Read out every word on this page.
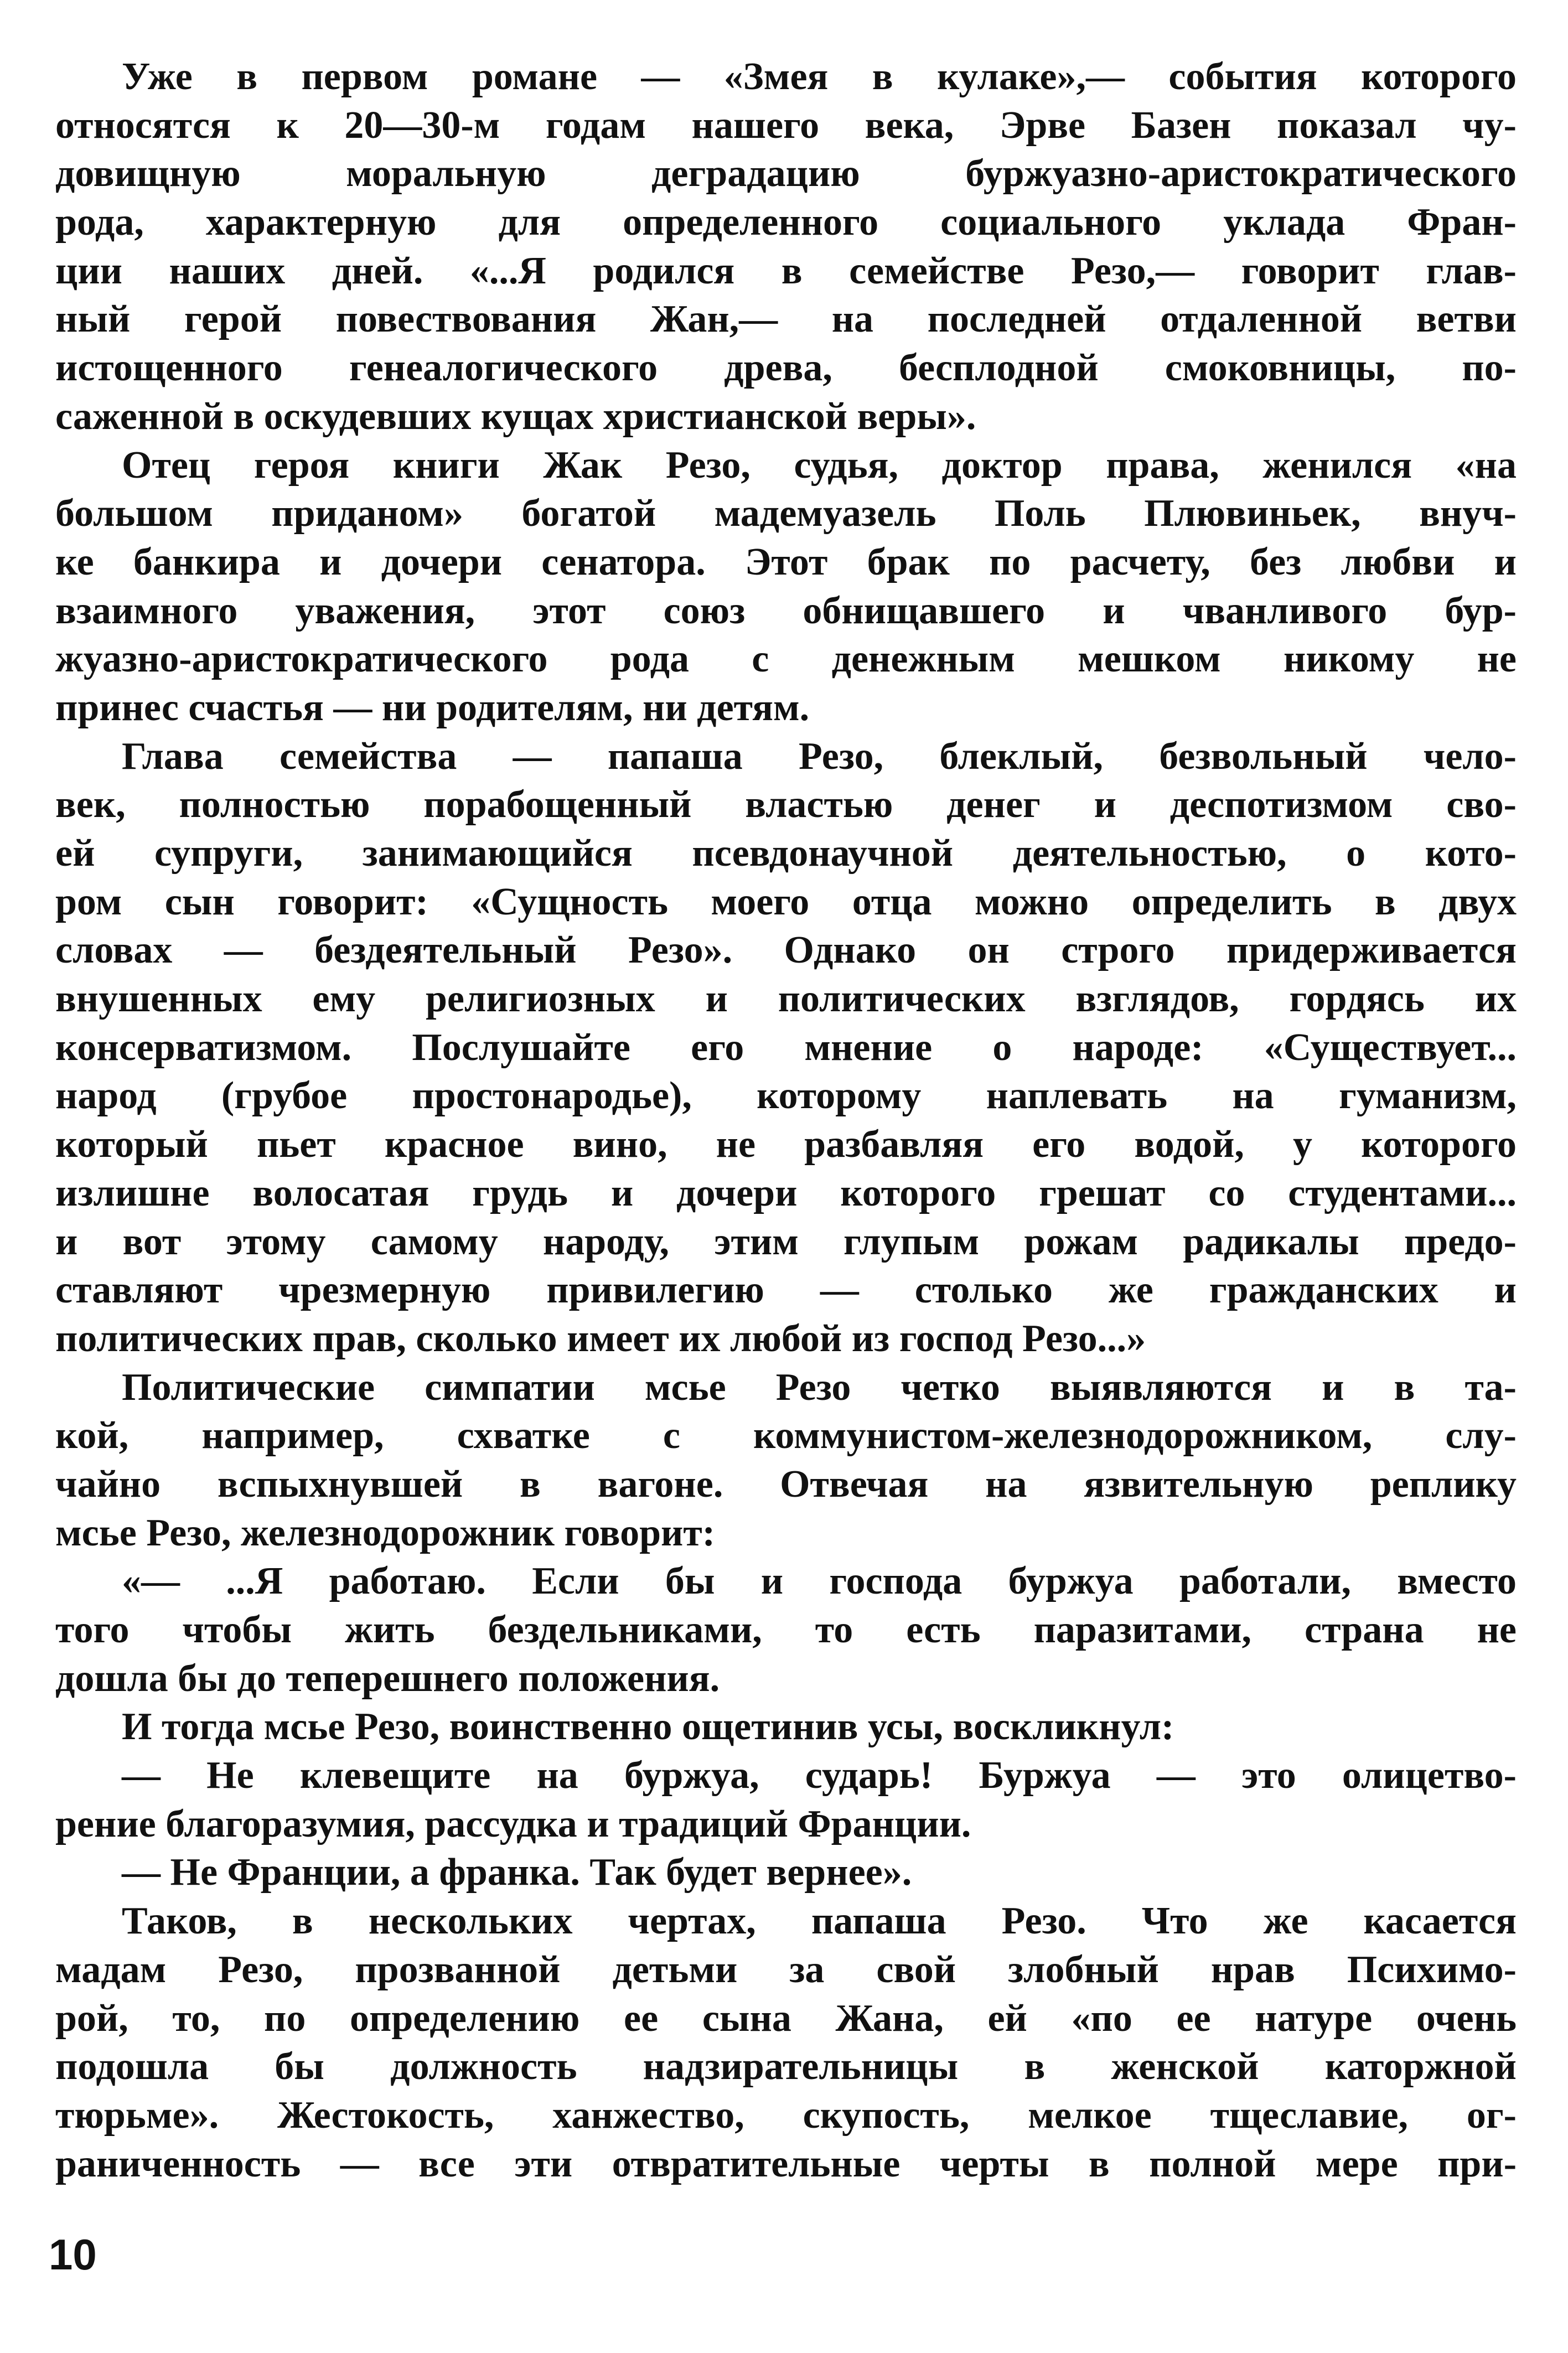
Уже в первом романе — «Змея в кулаке»,— события которого
относятся к 20—30-м годам нашего века, Эрве Базен показал чу-
довищную моральную деградацию буржуазно-аристократического
рода, характерную для определенного социального уклада Фран-
ции наших дней. «...Я родился в семействе Резо,— говорит глав-
ный герой повествования Жан,— на последней отдаленной ветви
истощенного генеалогического древа, бесплодной смоковницы, по-
саженной в оскудевших кущах христианской веры».
Отец героя книги Жак Резо, судья, доктор права, женился «на
большом приданом» богатой мадемуазель Поль Плювиньек, внуч-
ке банкира и дочери сенатора. Этот брак по расчету, без любви и
взаимного уважения, этот союз обнищавшего и чванливого бур-
жуазно-аристократического рода с денежным мешком никому не
принес счастья — ни родителям, ни детям.
Глава семейства — папаша Резо, блеклый, безвольный чело-
век, полностью порабощенный властью денег и деспотизмом сво-
ей супруги, занимающийся псевдонаучной деятельностью, о кото-
ром сын говорит: «Сущность моего отца можно определить в двух
словах — бездеятельный Резо». Однако он строго придерживается
внушенных ему религиозных и политических взглядов, гордясь их
консерватизмом. Послушайте его мнение о народе: «Существует...
народ (грубое простонародье), которому наплевать на гуманизм,
который пьет красное вино, не разбавляя его водой, у которого
излишне волосатая грудь и дочери которого грешат со студентами...
и вот этому самому народу, этим глупым рожам радикалы предо-
ставляют чрезмерную привилегию — столько же гражданских и
политических прав, сколько имеет их любой из господ Резо...»
Политические симпатии мсье Резо четко выявляются и в та-
кой, например, схватке с коммунистом-железнодорожником, слу-
чайно вспыхнувшей в вагоне. Отвечая на язвительную реплику
мсье Резо, железнодорожник говорит:
«— ...Я работаю. Если бы и господа буржуа работали, вместо
того чтобы жить бездельниками, то есть паразитами, страна не
дошла бы до теперешнего положения.
И тогда мсье Резо, воинственно ощетинив усы, воскликнул:
— Не клевещите на буржуа, сударь! Буржуа — это олицетво-
рение благоразумия, рассудка и традиций Франции.
— Не Франции, а франка. Так будет вернее».
Таков, в нескольких чертах, папаша Резо. Что же касается
мадам Резо, прозванной детьми за свой злобный нрав Психимо-
рой, то, по определению ее сына Жана, ей «по ее натуре очень
подошла бы должность надзирательницы в женской каторжной
тюрьме». Жестокость, ханжество, скупость, мелкое тщеславие, ог-
раниченность — все эти отвратительные черты в полной мере при-
10
